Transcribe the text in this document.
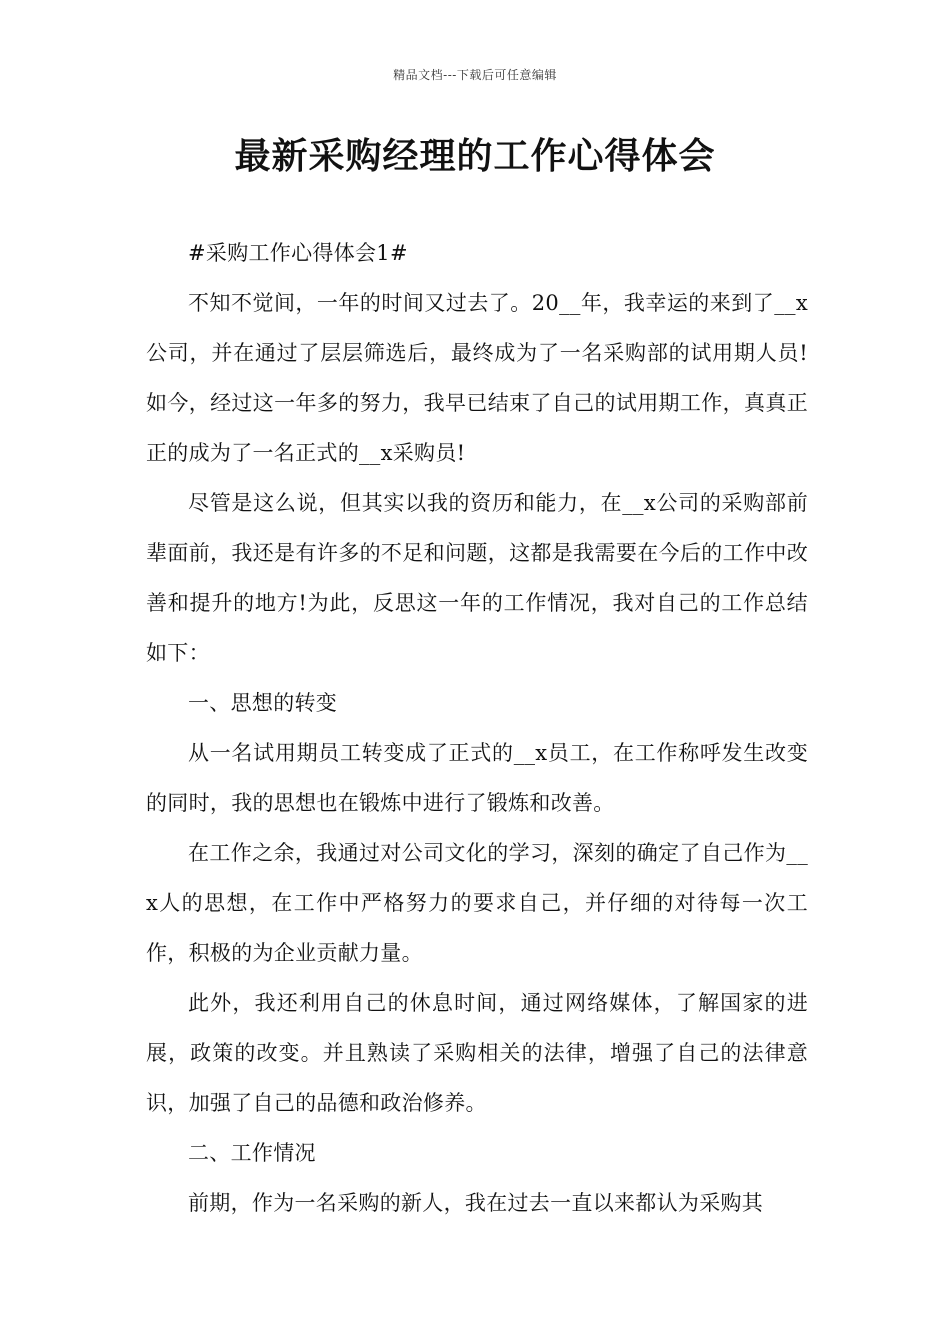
精品文档---下载后可任意编辑
最新采购经理的工作心得体会

#采购工作心得体会1#

不知不觉间，一年的时间又过去了。20__年，我幸运的来到了__x公司，并在通过了层层筛选后，最终成为了一名采购部的试用期人员!如今，经过这一年多的努力，我早已结束了自己的试用期工作，真真正正的成为了一名正式的__x采购员!

尽管是这么说，但其实以我的资历和能力，在__x公司的采购部前辈面前，我还是有许多的不足和问题，这都是我需要在今后的工作中改善和提升的地方!为此，反思这一年的工作情况，我对自己的工作总结如下：

一、思想的转变

从一名试用期员工转变成了正式的__x员工，在工作称呼发生改变的同时，我的思想也在锻炼中进行了锻炼和改善。

在工作之余，我通过对公司文化的学习，深刻的确定了自己作为__x人的思想，在工作中严格努力的要求自己，并仔细的对待每一次工作，积极的为企业贡献力量。

此外，我还利用自己的休息时间，通过网络媒体，了解国家的进展，政策的改变。并且熟读了采购相关的法律，增强了自己的法律意识，加强了自己的品德和政治修养。

二、工作情况

前期，作为一名采购的新人，我在过去一直以来都认为采购其
